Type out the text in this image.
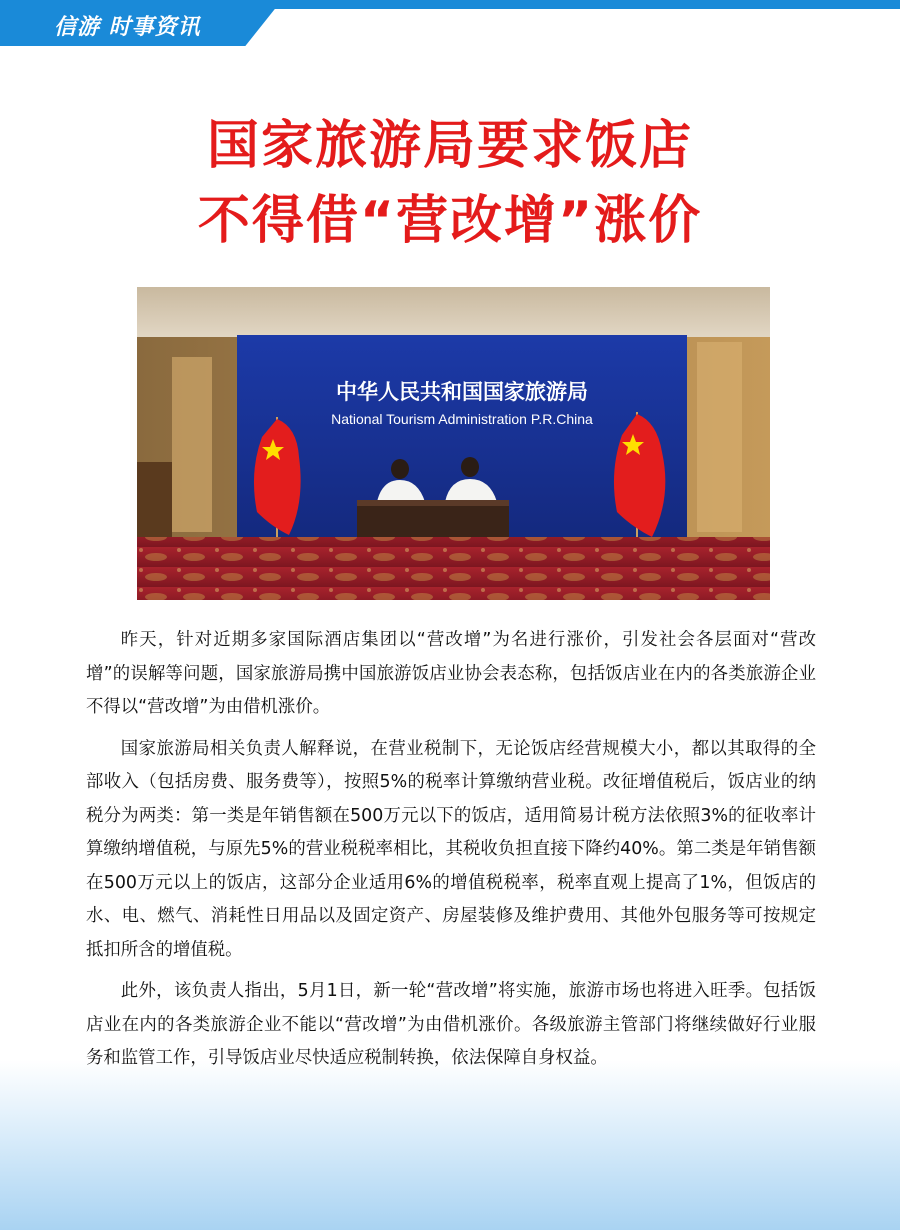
信游 时事资讯
国家旅游局要求饭店
不得借“营改增”涨价
中华人民共和国国家旅游局
National Tourism Administration P.R.China

昨天，针对近期多家国际酒店集团以“营改增”为名进行涨价，引发社会各层面对“营改增”的误解等问题，国家旅游局携中国旅游饭店业协会表态称，包括饭店业在内的各类旅游企业不得以“营改增”为由借机涨价。

国家旅游局相关负责人解释说，在营业税制下，无论饭店经营规模大小，都以其取得的全部收入（包括房费、服务费等），按照5%的税率计算缴纳营业税。改征增值税后，饭店业的纳税分为两类：第一类是年销售额在500万元以下的饭店，适用简易计税方法依照3%的征收率计算缴纳增值税，与原先5%的营业税税率相比，其税收负担直接下降约40%。第二类是年销售额在500万元以上的饭店，这部分企业适用6%的增值税税率，税率直观上提高了1%，但饭店的水、电、燃气、消耗性日用品以及固定资产、房屋装修及维护费用、其他外包服务等可按规定抵扣所含的增值税。

此外，该负责人指出，5月1日，新一轮“营改增”将实施，旅游市场也将进入旺季。包括饭店业在内的各类旅游企业不能以“营改增”为由借机涨价。各级旅游主管部门将继续做好行业服务和监管工作，引导饭店业尽快适应税制转换，依法保障自身权益。
